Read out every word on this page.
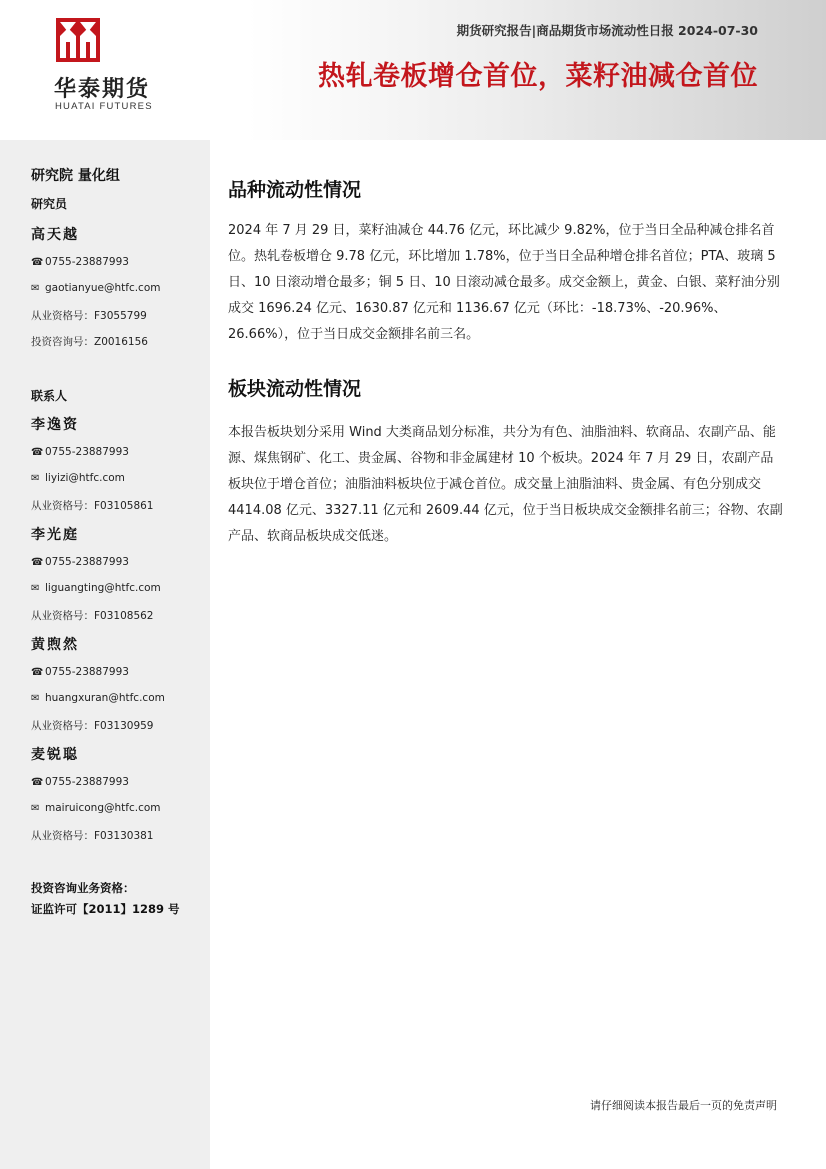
华泰期货
HUATAI FUTURES
期货研究报告|商品期货市场流动性日报 2024-07-30
热轧卷板增仓首位，菜籽油减仓首位
研究院 量化组
研究员
高天越
☎ 0755-23887993
✉ gaotianyue@htfc.com
从业资格号：F3055799
投资咨询号：Z0016156
联系人
李逸资
☎ 0755-23887993
✉ liyizi@htfc.com
从业资格号：F03105861
李光庭
☎ 0755-23887993
✉ liguangting@htfc.com
从业资格号：F03108562
黄煦然
☎ 0755-23887993
✉ huangxuran@htfc.com
从业资格号：F03130959
麦锐聪
☎ 0755-23887993
✉ mairuicong@htfc.com
从业资格号：F03130381
投资咨询业务资格：
证监许可【2011】1289 号
品种流动性情况

2024 年 7 月 29 日，菜籽油减仓 44.76 亿元，环比减少 9.82%，位于当日全品种减仓排名首位。热轧卷板增仓 9.78 亿元，环比增加 1.78%，位于当日全品种增仓排名首位；PTA、玻璃 5 日、10 日滚动增仓最多；铜 5 日、10 日滚动减仓最多。成交金额上，黄金、白银、菜籽油分别成交 1696.24 亿元、1630.87 亿元和 1136.67 亿元（环比：-18.73%、-20.96%、26.66%），位于当日成交金额排名前三名。

板块流动性情况

本报告板块划分采用 Wind 大类商品划分标准，共分为有色、油脂油料、软商品、农副产品、能源、煤焦钢矿、化工、贵金属、谷物和非金属建材 10 个板块。2024 年 7 月 29 日，农副产品板块位于增仓首位；油脂油料板块位于减仓首位。成交量上油脂油料、贵金属、有色分别成交 4414.08 亿元、3327.11 亿元和 2609.44 亿元，位于当日板块成交金额排名前三；谷物、农副产品、软商品板块成交低迷。

请仔细阅读本报告最后一页的免责声明
